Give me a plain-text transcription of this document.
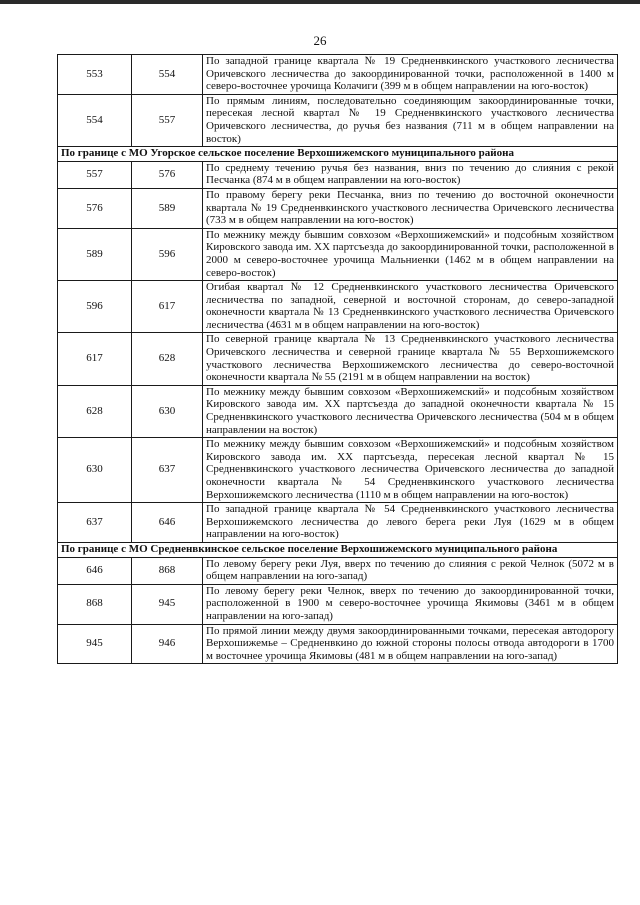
26
553	554	По западной границе квартала № 19 Средненвкинского участкового лесничества Оричевского лесничества до закоординированной точки, расположенной в 1400 м северо-восточнее урочища Колачиги (399 м в общем направлении на юго-восток)
554	557	По прямым линиям, последовательно соединяющим закоординированные точки, пересекая лесной квартал № 19 Средненвкинского участкового лесничества Оричевского лесничества, до ручья без названия (711 м в общем направлении на восток)
По границе с МО Угорское сельское поселение Верхошижемского муниципального района		
557	576	По среднему течению ручья без названия, вниз по течению до слияния с рекой Песчанка (874 м в общем направлении на юго-восток)
576	589	По правому берегу реки Песчанка, вниз по течению до восточной оконечности квартала № 19 Средненвкинского участкового лесничества Оричевского лесничества (733 м в общем направлении на юго-восток)
589	596	По межнику между бывшим совхозом «Верхошижемский» и подсобным хозяйством Кировского завода им. XX партсъезда до закоординированной точки, расположенной в 2000 м северо-восточнее урочища Мальниенки (1462 м в общем направлении на северо-восток)
596	617	Огибая квартал № 12 Средненвкинского участкового лесничества Оричевского лесничества по западной, северной и восточной сторонам, до северо-западной оконечности квартала № 13 Средненвкинского участкового лесничества Оричевского лесничества (4631 м в общем направлении на юго-восток)
617	628	По северной границе квартала № 13 Средненвкинского участкового лесничества Оричевского лесничества и северной границе квартала № 55 Верхошижемского участкового лесничества Верхошижемского лесничества до северо-восточной оконечности квартала № 55 (2191 м в общем направлении на восток)
628	630	По межнику между бывшим совхозом «Верхошижемский» и подсобным хозяйством Кировского завода им. XX партсъезда до западной оконечности квартала № 15 Средненвкинского участкового лесничества Оричевского лесничества (504 м в общем направлении на восток)
630	637	По межнику между бывшим совхозом «Верхошижемский» и подсобным хозяйством Кировского завода им. XX партсъезда, пересекая лесной квартал № 15 Средненвкинского участкового лесничества Оричевского лесничества до западной оконечности квартала № 54 Средненвкинского участкового лесничества Верхошижемского лесничества (1110 м в общем направлении на юго-восток)
637	646	По западной границе квартала № 54 Средненвкинского участкового лесничества Верхошижемского лесничества до левого берега реки Луя (1629 м в общем направлении на юго-восток)
По границе с МО Средненвкинское сельское поселение Верхошижемского муниципального района		
646	868	По левому берегу реки Луя, вверх по течению до слияния с рекой Челнок (5072 м в общем направлении на юго-запад)
868	945	По левому берегу реки Челнок, вверх по течению до закоординированной точки, расположенной в 1900 м северо-восточнее урочища Якимовы (3461 м в общем направлении на юго-запад)
945	946	По прямой линии между двумя закоординированными точками, пересекая автодорогу Верхошижемье – Средненвкино до южной стороны полосы отвода автодороги в 1700 м восточнее урочища Якимовы (481 м в общем направлении на юго-запад)
